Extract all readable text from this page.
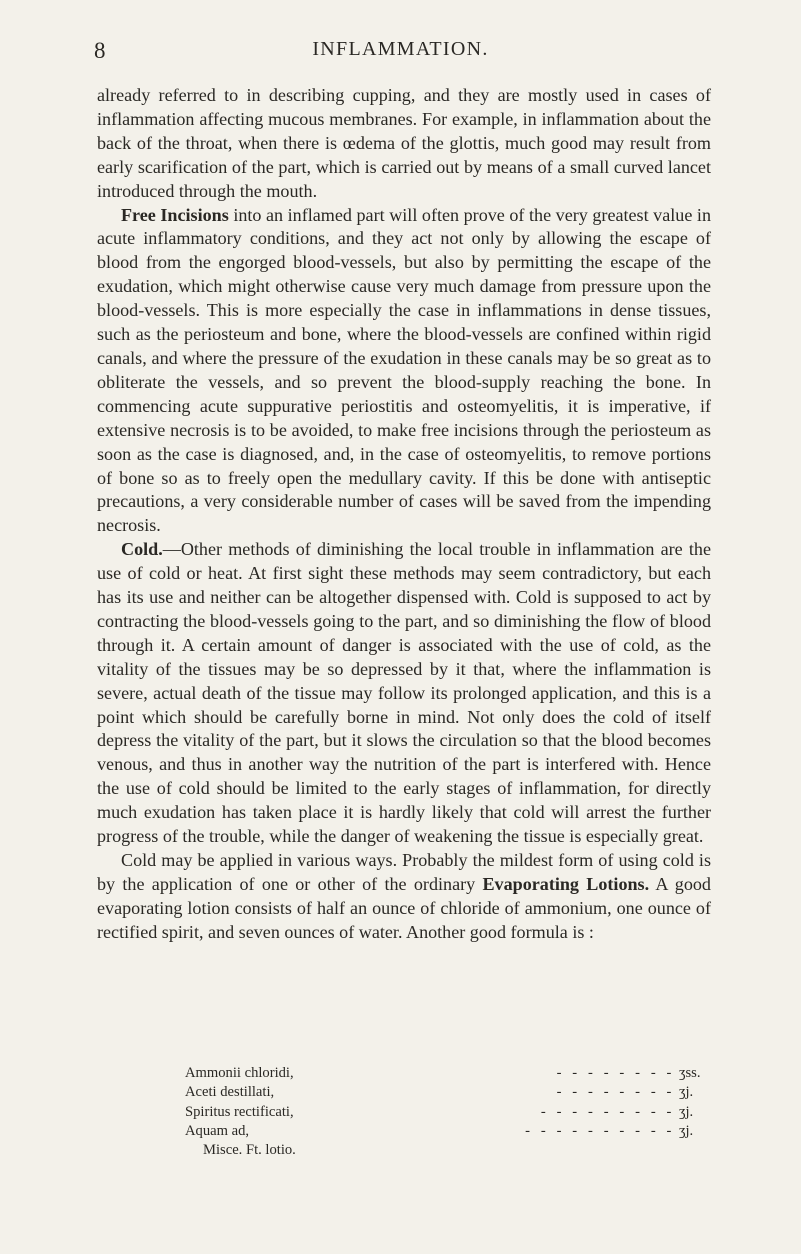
8	INFLAMMATION.

already referred to in describing cupping, and they are mostly used in cases of inflammation affecting mucous membranes. For example, in inflammation about the back of the throat, when there is œdema of the glottis, much good may result from early scarification of the part, which is carried out by means of a small curved lancet introduced through the mouth.

Free Incisions into an inflamed part will often prove of the very greatest value in acute inflammatory conditions, and they act not only by allowing the escape of blood from the engorged blood-vessels, but also by permitting the escape of the exudation, which might otherwise cause very much damage from pressure upon the blood-vessels. This is more especially the case in inflammations in dense tissues, such as the periosteum and bone, where the blood-vessels are confined within rigid canals, and where the pressure of the exudation in these canals may be so great as to obliterate the vessels, and so prevent the blood-supply reaching the bone. In commencing acute suppurative periostitis and osteomyelitis, it is imperative, if extensive necrosis is to be avoided, to make free incisions through the periosteum as soon as the case is diagnosed, and, in the case of osteomyelitis, to remove portions of bone so as to freely open the medullary cavity. If this be done with antiseptic precautions, a very considerable number of cases will be saved from the impending necrosis.

Cold.—Other methods of diminishing the local trouble in inflammation are the use of cold or heat. At first sight these methods may seem contradictory, but each has its use and neither can be altogether dispensed with. Cold is supposed to act by contracting the blood-vessels going to the part, and so diminishing the flow of blood through it. A certain amount of danger is associated with the use of cold, as the vitality of the tissues may be so depressed by it that, where the inflammation is severe, actual death of the tissue may follow its prolonged application, and this is a point which should be carefully borne in mind. Not only does the cold of itself depress the vitality of the part, but it slows the circulation so that the blood becomes venous, and thus in another way the nutrition of the part is interfered with. Hence the use of cold should be limited to the early stages of inflammation, for directly much exudation has taken place it is hardly likely that cold will arrest the further progress of the trouble, while the danger of weakening the tissue is especially great.

Cold may be applied in various ways. Probably the mildest form of using cold is by the application of one or other of the ordinary Evaporating Lotions. A good evaporating lotion consists of half an ounce of chloride of ammonium, one ounce of rectified spirit, and seven ounces of water. Another good formula is :

Ammonii chloridi,	- - - - - - - - ʒss.
Aceti destillati,	- - - - - - - - ʒj.
Spiritus rectificati,	- - - - - - - - - ʒj.
Aquam ad,	- - - - - - - - - - ʒj.
Misce. Ft. lotio.
